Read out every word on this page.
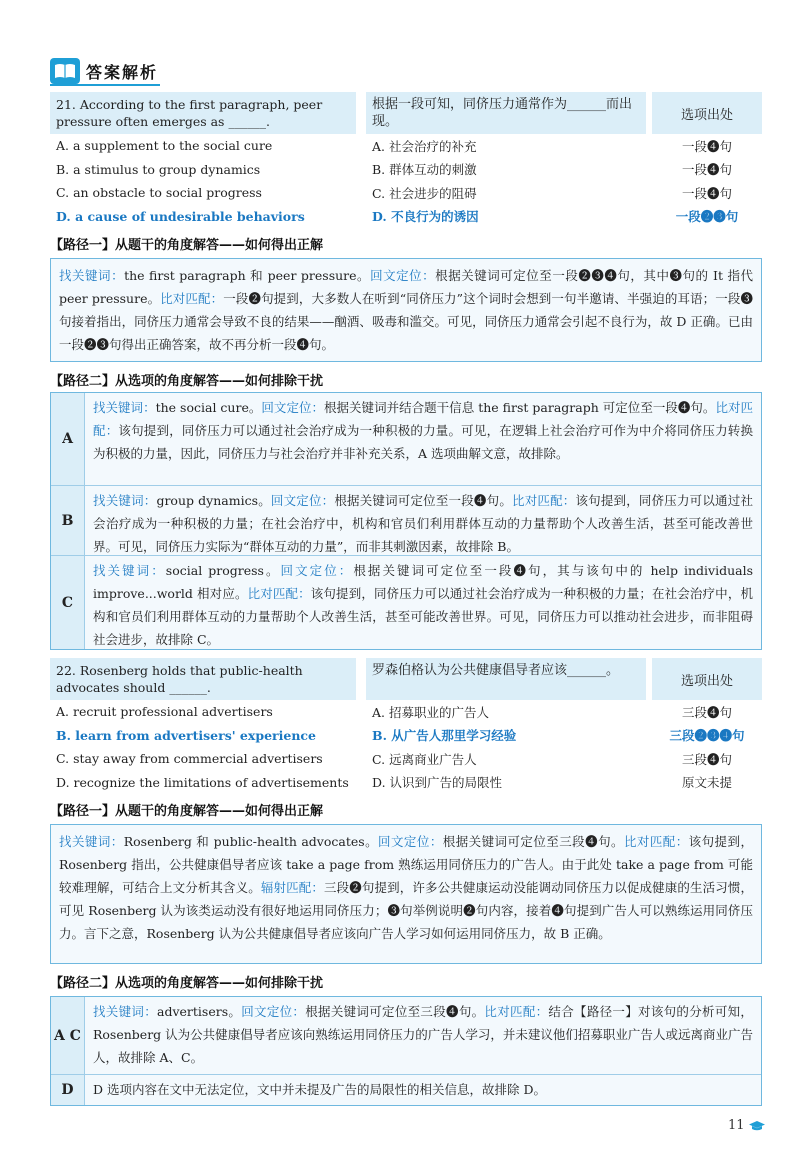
答案解析
21. According to the first paragraph, peer pressure often emerges as ______.
根据一段可知，同侪压力通常作为______而出现。	选项出处
A. a supplement to the social cure	A. 社会治疗的补充	一段❹句
B. a stimulus to group dynamics	B. 群体互动的刺激	一段❹句
C. an obstacle to social progress	C. 社会进步的阻碍	一段❹句
D. a cause of undesirable behaviors	D. 不良行为的诱因	一段❷❸句
【路径一】从题干的角度解答——如何得出正解
找关键词：the first paragraph 和 peer pressure。回文定位：根据关键词可定位至一段❷❸❹句，其中❸句的 It 指代 peer pressure。比对匹配：一段❷句提到，大多数人在听到“同侪压力”这个词时会想到一句半邀请、半强迫的耳语；一段❸句接着指出，同侪压力通常会导致不良的结果——酗酒、吸毒和滥交。可见，同侪压力通常会引起不良行为，故 D 正确。已由一段❷❸句得出正确答案，故不再分析一段❹句。
【路径二】从选项的角度解答——如何排除干扰
A
找关键词：the social cure。回文定位：根据关键词并结合题干信息 the first paragraph 可定位至一段❹句。比对匹配：该句提到，同侪压力可以通过社会治疗成为一种积极的力量。可见，在逻辑上社会治疗可作为中介将同侪压力转换为积极的力量，因此，同侪压力与社会治疗并非补充关系，A 选项曲解文意，故排除。
B
找关键词：group dynamics。回文定位：根据关键词可定位至一段❹句。比对匹配：该句提到，同侪压力可以通过社会治疗成为一种积极的力量；在社会治疗中，机构和官员们利用群体互动的力量帮助个人改善生活，甚至可能改善世界。可见，同侪压力实际为“群体互动的力量”，而非其刺激因素，故排除 B。
C
找关键词：social progress。回文定位：根据关键词可定位至一段❹句，其与该句中的 help individuals improve...world 相对应。比对匹配：该句提到，同侪压力可以通过社会治疗成为一种积极的力量；在社会治疗中，机构和官员们利用群体互动的力量帮助个人改善生活，甚至可能改善世界。可见，同侪压力可以推动社会进步，而非阻碍社会进步，故排除 C。
22. Rosenberg holds that public-health advocates should ______.
罗森伯格认为公共健康倡导者应该______。
选项出处
A. recruit professional advertisers	A. 招募职业的广告人	三段❹句
B. learn from advertisers' experience	B. 从广告人那里学习经验	三段❷❸❹句
C. stay away from commercial advertisers	C. 远离商业广告人	三段❹句
D. recognize the limitations of advertisements	D. 认识到广告的局限性	原文未提
【路径一】从题干的角度解答——如何得出正解
找关键词：Rosenberg 和 public-health advocates。回文定位：根据关键词可定位至三段❹句。比对匹配：该句提到，Rosenberg 指出，公共健康倡导者应该 take a page from 熟练运用同侪压力的广告人。由于此处 take a page from 可能较难理解，可结合上文分析其含义。辐射匹配：三段❷句提到，许多公共健康运动没能调动同侪压力以促成健康的生活习惯，可见 Rosenberg 认为该类运动没有很好地运用同侪压力；❸句举例说明❷句内容，接着❹句提到广告人可以熟练运用同侪压力。言下之意，Rosenberg 认为公共健康倡导者应该向广告人学习如何运用同侪压力，故 B 正确。
【路径二】从选项的角度解答——如何排除干扰
A C
找关键词：advertisers。回文定位：根据关键词可定位至三段❹句。比对匹配：结合【路径一】对该句的分析可知，Rosenberg 认为公共健康倡导者应该向熟练运用同侪压力的广告人学习，并未建议他们招募职业广告人或远离商业广告人，故排除 A、C。
D	D 选项内容在文中无法定位，文中并未提及广告的局限性的相关信息，故排除 D。
11
